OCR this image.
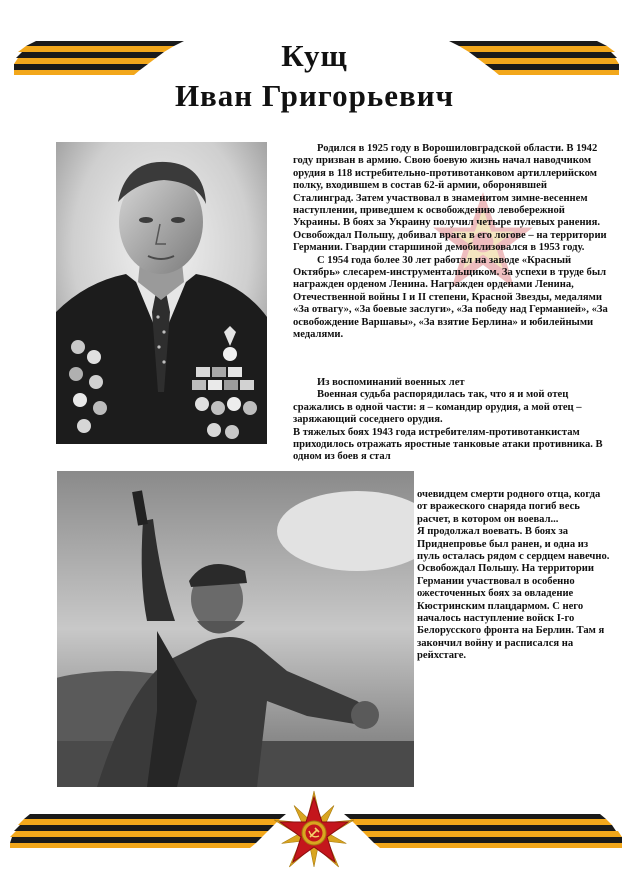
Кущ
Иван Григорьевич

Родился в 1925 году в Ворошиловградской области. В 1942 году призван в армию. Свою боевую жизнь начал наводчиком орудия в 118 истребительно-противотанковом артиллерийском полку, входившем в состав 62-й армии, оборонявшей Сталинград. Затем участвовал в знаменитом зимне-весеннем наступлении, приведшем к освобождению левобережной Украины. В боях за Украину получил четыре пулевых ранения. Освобождал Польшу, добивал врага в его логове – на территории Германии. Гвардии старшиной демобилизовался в 1953 году.

С 1954 года более 30 лет работал на заводе «Красный Октябрь» слесарем-инструментальщиком. За успехи в труде был награжден орденом Ленина. Награжден орденами Ленина, Отечественной войны I и II степени, Красной Звезды, медалями «За отвагу», «За боевые заслуги», «За победу над Германией», «За освобождение Варшавы», «За взятие Берлина» и юбилейными медалями.

Из воспоминаний военных лет

Военная судьба распорядилась так, что я и мой отец сражались в одной части: я – командир орудия, а мой отец – заряжающий соседнего орудия.

В тяжелых боях 1943 года истребителям-противотанкистам приходилось отражать яростные танковые атаки противника. В одном из боев я стал

очевидцем смерти родного отца, когда от вражеского снаряда погиб весь расчет, в котором он воевал...

Я продолжал воевать. В боях за Приднепровье был ранен, и одна из пуль осталась рядом с сердцем навечно. Освобождал Польшу. На территории Германии участвовал в особенно ожесточенных боях за овладение Кюстринским плацдармом. С него началось наступление войск I-го Белорусского фронта на Берлин. Там я закончил войну и расписался на рейхстаге.
